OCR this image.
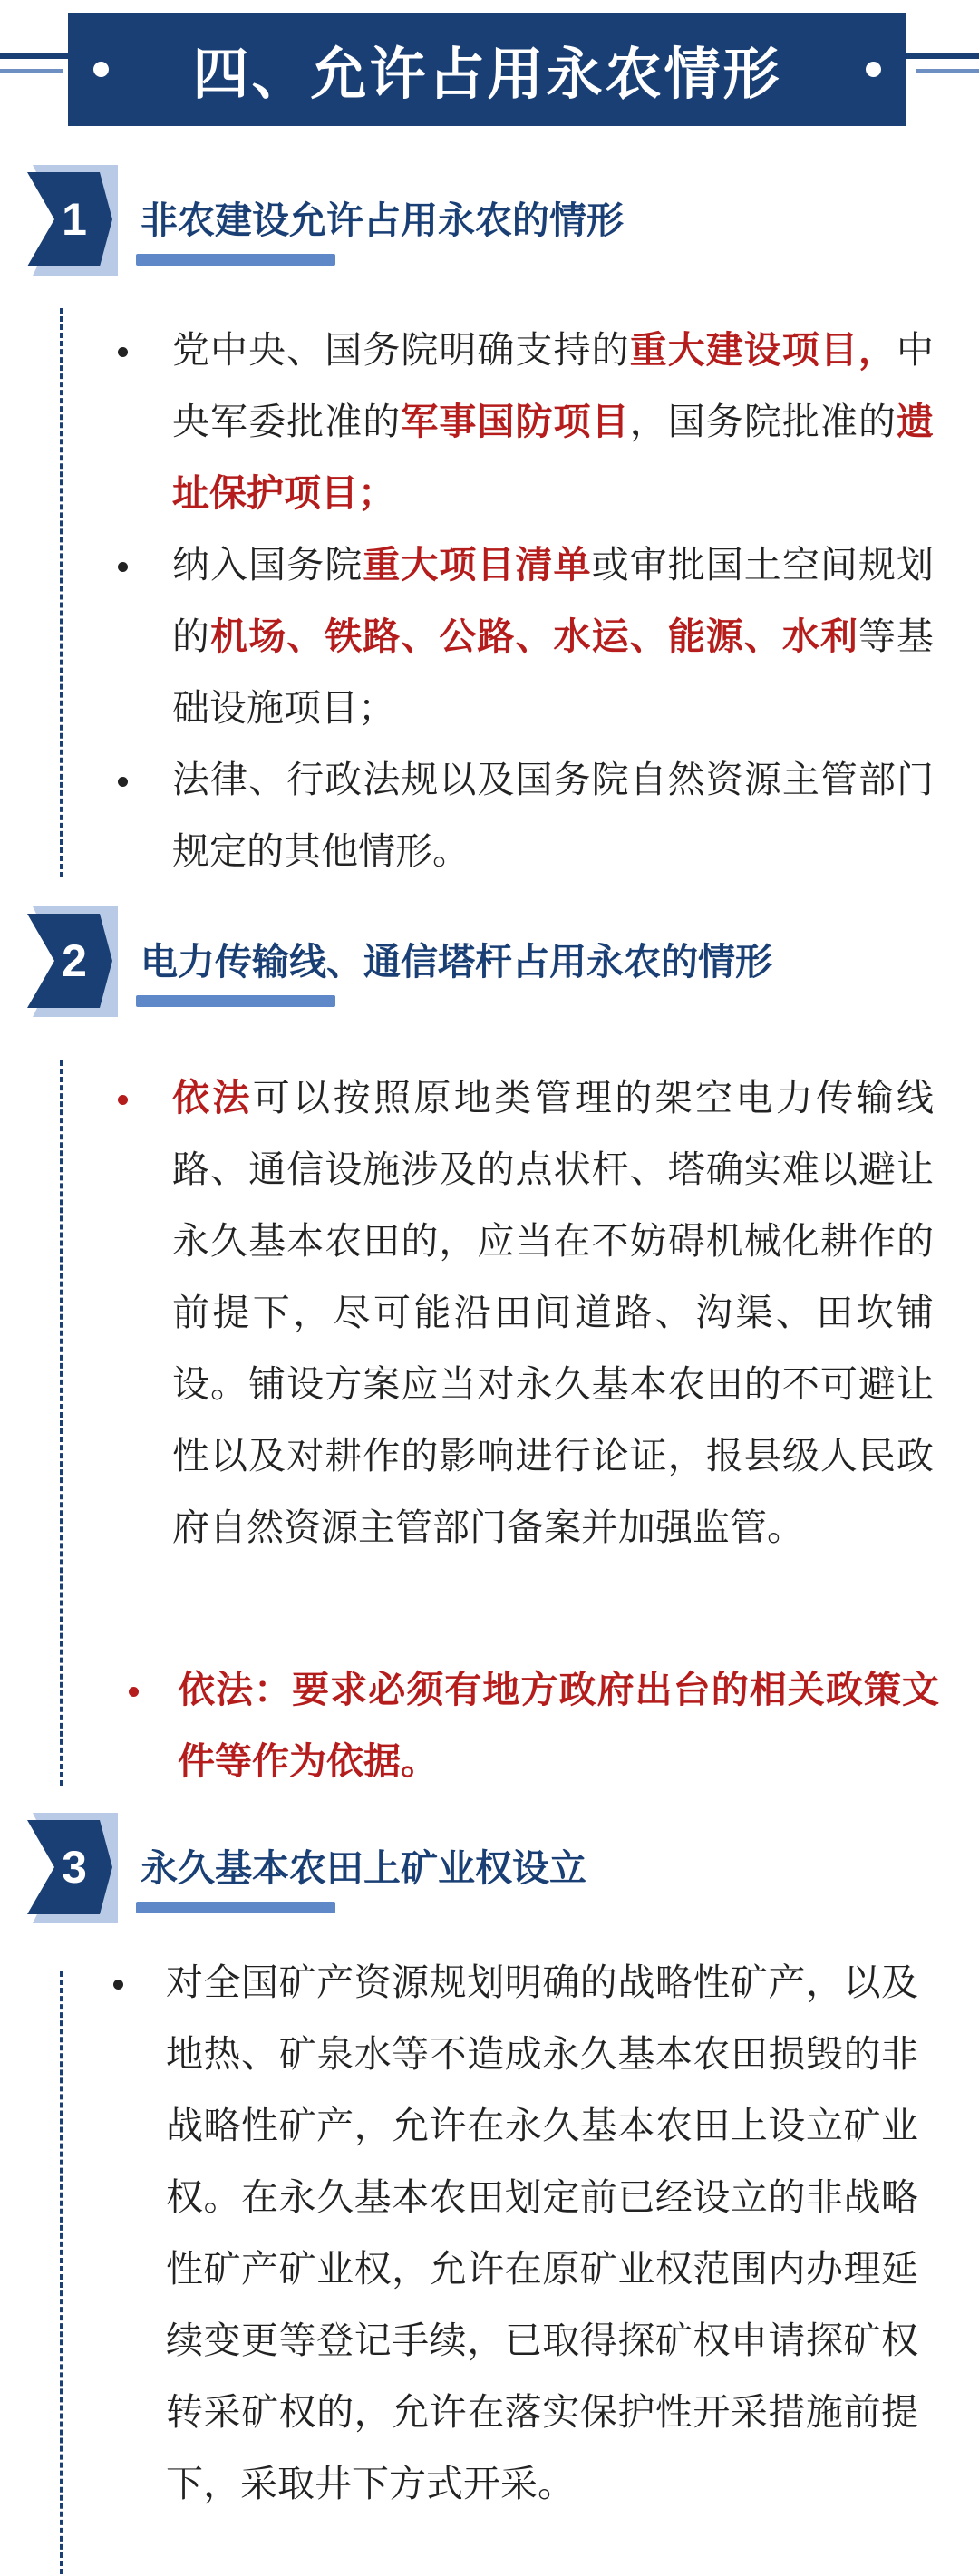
四、允许占用永农情形
1	非农建设允许占用永农的情形
党中央、国务院明确支持的重大建设项目，中央军委批准的军事国防项目，国务院批准的遗址保护项目；
纳入国务院重大项目清单或审批国土空间规划的机场、铁路、公路、水运、能源、水利等基础设施项目；
法律、行政法规以及国务院自然资源主管部门规定的其他情形。
2	电力传输线、通信塔杆占用永农的情形
依法可以按照原地类管理的架空电力传输线路、通信设施涉及的点状杆、塔确实难以避让永久基本农田的，应当在不妨碍机械化耕作的前提下，尽可能沿田间道路、沟渠、田坎铺设。铺设方案应当对永久基本农田的不可避让性以及对耕作的影响进行论证，报县级人民政府自然资源主管部门备案并加强监管。
依法：要求必须有地方政府出台的相关政策文件等作为依据。
3	永久基本农田上矿业权设立
对全国矿产资源规划明确的战略性矿产，以及地热、矿泉水等不造成永久基本农田损毁的非战略性矿产，允许在永久基本农田上设立矿业权。在永久基本农田划定前已经设立的非战略性矿产矿业权，允许在原矿业权范围内办理延续变更等登记手续，已取得探矿权申请探矿权转采矿权的，允许在落实保护性开采措施前提下，采取井下方式开采。
